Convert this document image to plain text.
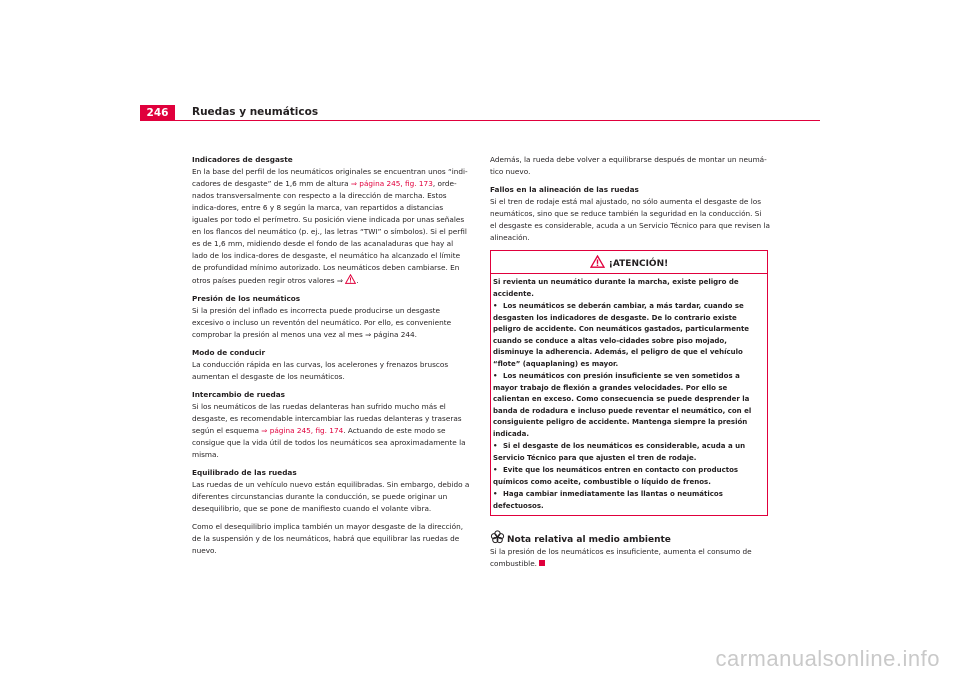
246	Ruedas y neumáticos
Indicadores de desgaste

En la base del perfil de los neumáticos originales se encuentran unos “indi-cadores de desgaste” de 1,6 mm de altura ⇒ página 245, fig. 173, orde-nados transversalmente con respecto a la dirección de marcha. Estos indica-dores, entre 6 y 8 según la marca, van repartidos a distancias iguales por todo el perímetro. Su posición viene indicada por unas señales en los flancos del neumático (p. ej., las letras “TWI” o símbolos). Si el perfil es de 1,6 mm, midiendo desde el fondo de las acanaladuras que hay al lado de los indica-dores de desgaste, el neumático ha alcanzado el límite de profundidad mínimo autorizado. Los neumáticos deben cambiarse. En otros países pueden regir otros valores ⇒ .

Presión de los neumáticos

Si la presión del inflado es incorrecta puede producirse un desgaste excesivo o incluso un reventón del neumático. Por ello, es conveniente comprobar la presión al menos una vez al mes ⇒ página 244.

Modo de conducir

La conducción rápida en las curvas, los acelerones y frenazos bruscos aumentan el desgaste de los neumáticos.

Intercambio de ruedas

Si los neumáticos de las ruedas delanteras han sufrido mucho más el desgaste, es recomendable intercambiar las ruedas delanteras y traseras según el esquema ⇒ página 245, fig. 174. Actuando de este modo se consigue que la vida útil de todos los neumáticos sea aproximadamente la misma.

Equilibrado de las ruedas

Las ruedas de un vehículo nuevo están equilibradas. Sin embargo, debido a diferentes circunstancias durante la conducción, se puede originar un desequilibrio, que se pone de manifiesto cuando el volante vibra.

Como el desequilibrio implica también un mayor desgaste de la dirección, de la suspensión y de los neumáticos, habrá que equilibrar las ruedas de nuevo.

Además, la rueda debe volver a equilibrarse después de montar un neumá-tico nuevo.

Fallos en la alineación de las ruedas

Si el tren de rodaje está mal ajustado, no sólo aumenta el desgaste de los neumáticos, sino que se reduce también la seguridad en la conducción. Si el desgaste es considerable, acuda a un Servicio Técnico para que revisen la alineación.

¡ATENCIÓN!

Si revienta un neumático durante la marcha, existe peligro de accidente.

• Los neumáticos se deberán cambiar, a más tardar, cuando se desgasten los indicadores de desgaste. De lo contrario existe peligro de accidente. Con neumáticos gastados, particularmente cuando se conduce a altas velo-cidades sobre piso mojado, disminuye la adherencia. Además, el peligro de que el vehículo “flote” (aquaplaning) es mayor.

• Los neumáticos con presión insuficiente se ven sometidos a mayor trabajo de flexión a grandes velocidades. Por ello se calientan en exceso. Como consecuencia se puede desprender la banda de rodadura e incluso puede reventar el neumático, con el consiguiente peligro de accidente. Mantenga siempre la presión indicada.

• Si el desgaste de los neumáticos es considerable, acuda a un Servicio Técnico para que ajusten el tren de rodaje.

• Evite que los neumáticos entren en contacto con productos químicos como aceite, combustible o líquido de frenos.

• Haga cambiar inmediatamente las llantas o neumáticos defectuosos.

Nota relativa al medio ambiente

Si la presión de los neumáticos es insuficiente, aumenta el consumo de combustible.

carmanualsonline.info
